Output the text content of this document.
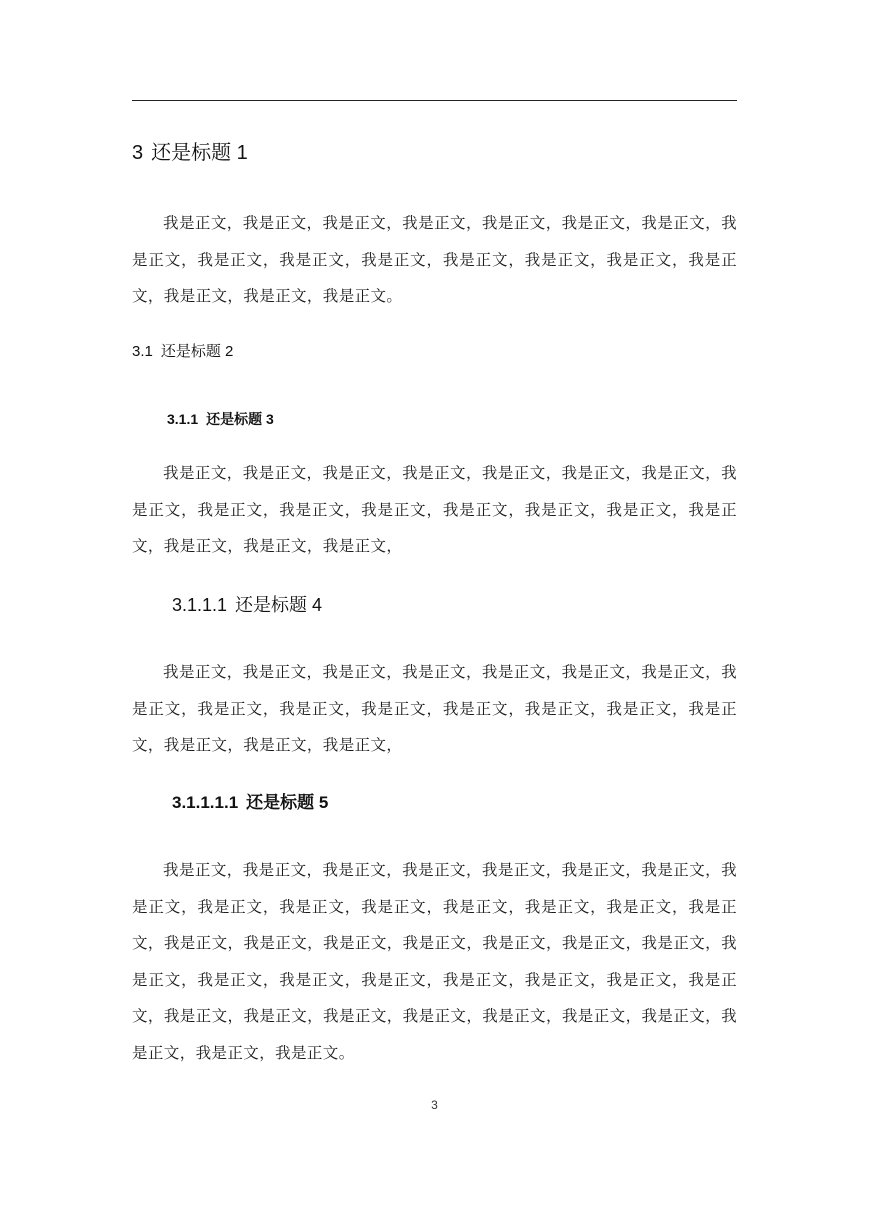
3 还是标题 1

我是正文，我是正文，我是正文，我是正文，我是正文，我是正文，我是正文，我是正文，我是正文，我是正文，我是正文，我是正文，我是正文，我是正文，我是正文，我是正文，我是正文，我是正文。

3.1 还是标题 2
3.1.1 还是标题 3

我是正文，我是正文，我是正文，我是正文，我是正文，我是正文，我是正文，我是正文，我是正文，我是正文，我是正文，我是正文，我是正文，我是正文，我是正文，我是正文，我是正文，我是正文，

3.1.1.1 还是标题 4

我是正文，我是正文，我是正文，我是正文，我是正文，我是正文，我是正文，我是正文，我是正文，我是正文，我是正文，我是正文，我是正文，我是正文，我是正文，我是正文，我是正文，我是正文，

3.1.1.1.1 还是标题 5

我是正文，我是正文，我是正文，我是正文，我是正文，我是正文，我是正文，我是正文，我是正文，我是正文，我是正文，我是正文，我是正文，我是正文，我是正文，我是正文，我是正文，我是正文，我是正文，我是正文，我是正文，我是正文，我是正文，我是正文，我是正文，我是正文，我是正文，我是正文，我是正文，我是正文，我是正文，我是正文，我是正文，我是正文，我是正文，我是正文，我是正文，我是正文，我是正文，我是正文。

3
